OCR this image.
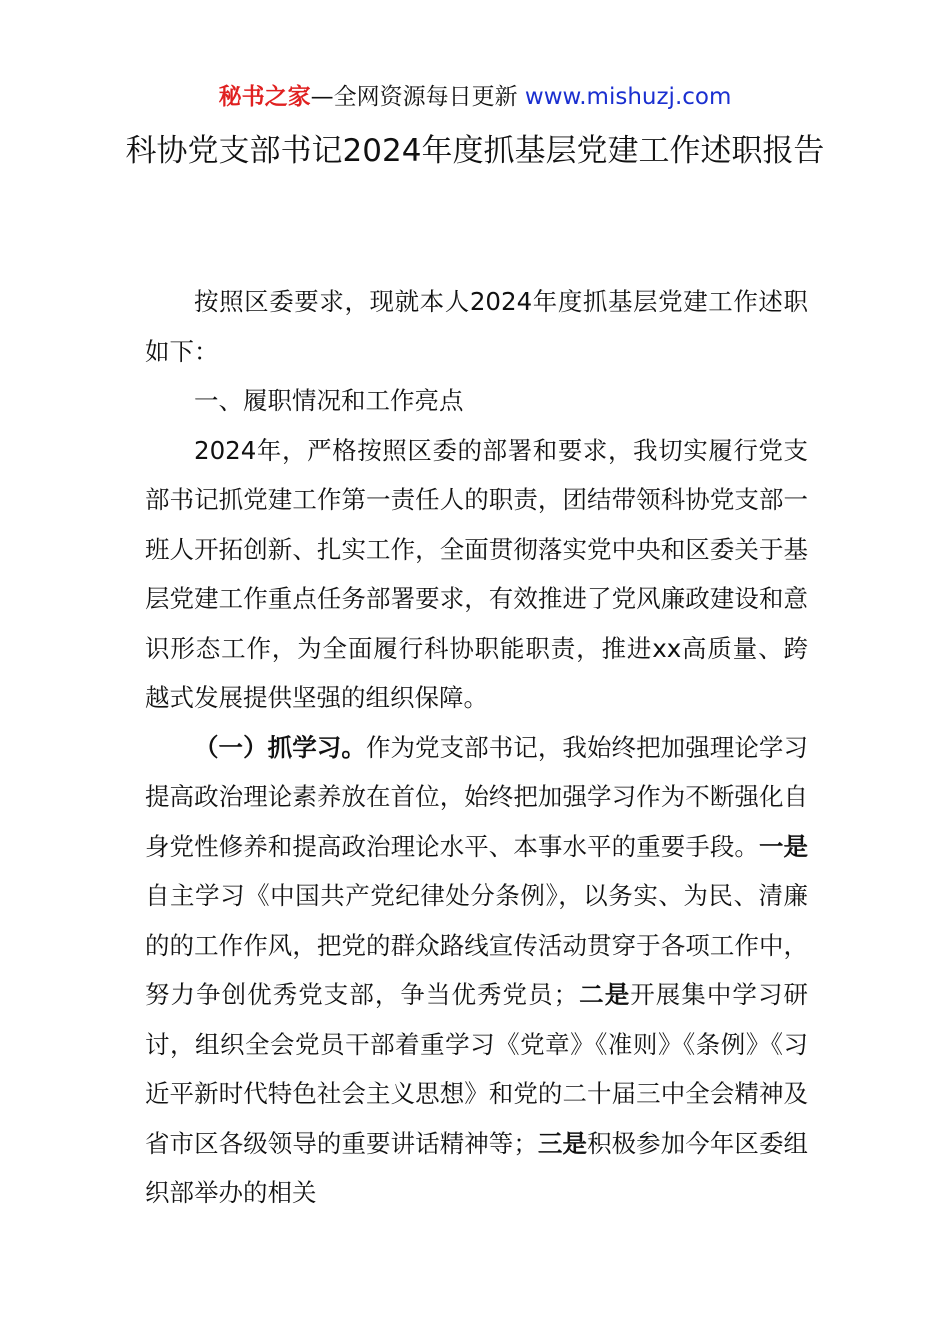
秘书之家—全网资源每日更新 www.mishuzj.com
科协党支部书记2024年度抓基层党建工作述职报告

按照区委要求，现就本人2024年度抓基层党建工作述职如下：

一、履职情况和工作亮点

2024年，严格按照区委的部署和要求，我切实履行党支部书记抓党建工作第一责任人的职责，团结带领科协党支部一班人开拓创新、扎实工作，全面贯彻落实党中央和区委关于基层党建工作重点任务部署要求，有效推进了党风廉政建设和意识形态工作，为全面履行科协职能职责，推进xx高质量、跨越式发展提供坚强的组织保障。

（一）抓学习。作为党支部书记，我始终把加强理论学习提高政治理论素养放在首位，始终把加强学习作为不断强化自身党性修养和提高政治理论水平、本事水平的重要手段。一是自主学习《中国共产党纪律处分条例》，以务实、为民、清廉的的工作作风，把党的群众路线宣传活动贯穿于各项工作中，努力争创优秀党支部，争当优秀党员；二是开展集中学习研讨，组织全会党员干部着重学习《党章》《准则》《条例》《习近平新时代特色社会主义思想》和党的二十届三中全会精神及省市区各级领导的重要讲话精神等；三是积极参加今年区委组织部举办的相关
